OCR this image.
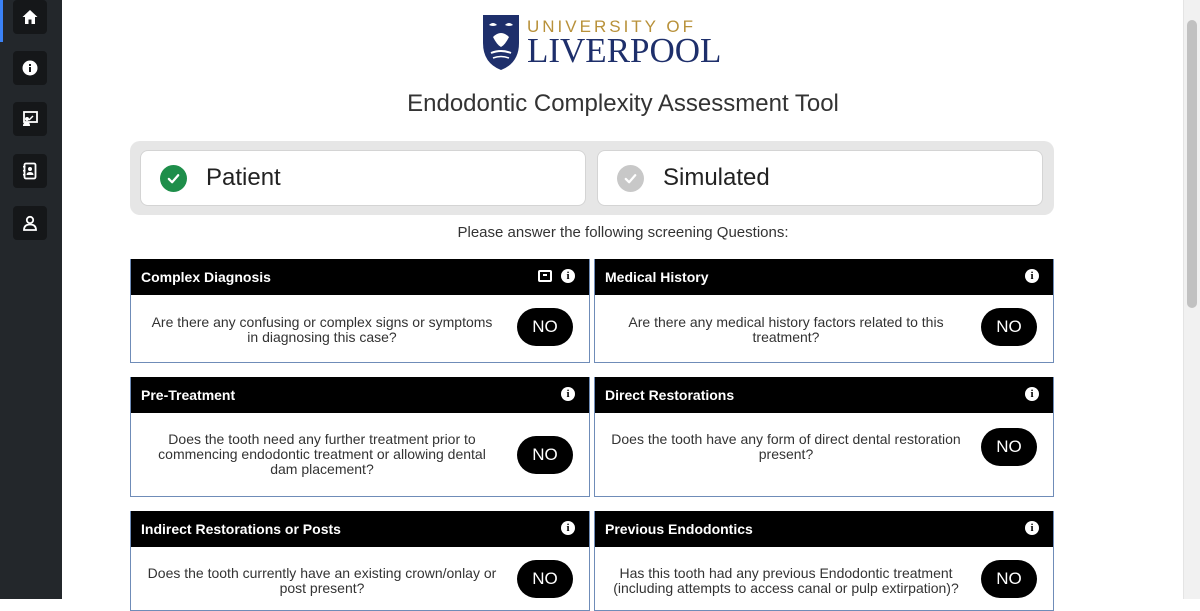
UNIVERSITY OF
LIVERPOOL
Endodontic Complexity Assessment Tool
Patient	Simulated
Please answer the following screening Questions:
Complex Diagnosis	i
Are there any confusing or complex signs or symptoms in diagnosing this case?
NO
Medical History	i
Are there any medical history factors related to this treatment?
NO
Pre-Treatment	i
Does the tooth need any further treatment prior to commencing endodontic treatment or allowing dental dam placement?
NO
Direct Restorations	i
Does the tooth have any form of direct dental restoration present?	NO
Indirect Restorations or Posts	i
Does the tooth currently have an existing crown/onlay or post present?	NO
Previous Endodontics	i
Has this tooth had any previous Endodontic treatment (including attempts to access canal or pulp extirpation)?	NO
